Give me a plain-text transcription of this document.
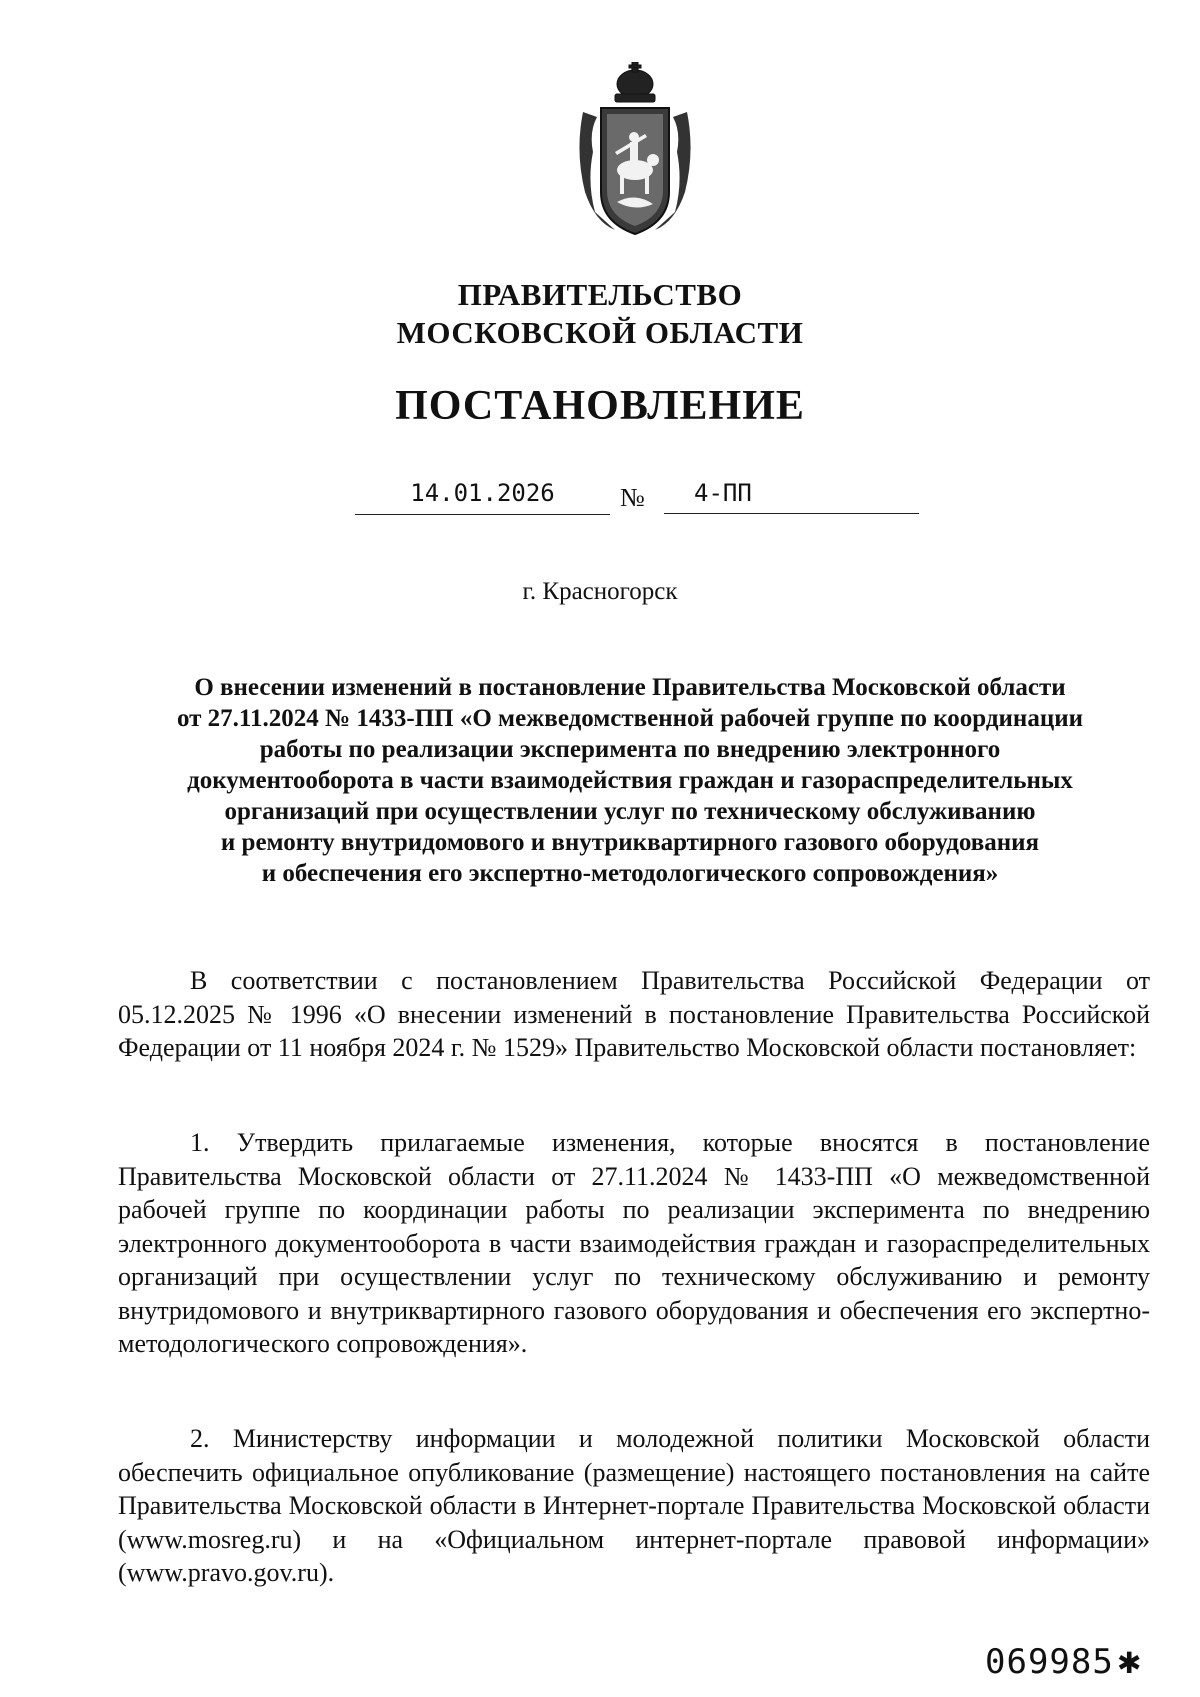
ПРАВИТЕЛЬСТВО
МОСКОВСКОЙ ОБЛАСТИ
ПОСТАНОВЛЕНИЕ
14.01.2026	№	4-ПП
г. Красногорск
О внесении изменений в постановление Правительства Московской области
от 27.11.2024 № 1433-ПП «О межведомственной рабочей группе по координации
работы по реализации эксперимента по внедрению электронного
документооборота в части взаимодействия граждан и газораспределительных
организаций при осуществлении услуг по техническому обслуживанию
и ремонту внутридомового и внутриквартирного газового оборудования
и обеспечения его экспертно-методологического сопровождения»

В соответствии с постановлением Правительства Российской Федерации от 05.12.2025 № 1996 «О внесении изменений в постановление Правительства Российской Федерации от 11 ноября 2024 г. № 1529» Правительство Московской области постановляет:

1. Утвердить прилагаемые изменения, которые вносятся в постановление Правительства Московской области от 27.11.2024 № 1433-ПП «О межведомственной рабочей группе по координации работы по реализации эксперимента по внедрению электронного документооборота в части взаимодействия граждан и газораспределительных организаций при осуществлении услуг по техническому обслуживанию и ремонту внутридомового и внутриквартирного газового оборудования и обеспечения его экспертно-методологического сопровождения».

2. Министерству информации и молодежной политики Московской области обеспечить официальное опубликование (размещение) настоящего постановления на сайте Правительства Московской области в Интернет-портале Правительства Московской области (www.mosreg.ru) и на «Официальном интернет-портале правовой информации» (www.pravo.gov.ru).

069985 ✱
